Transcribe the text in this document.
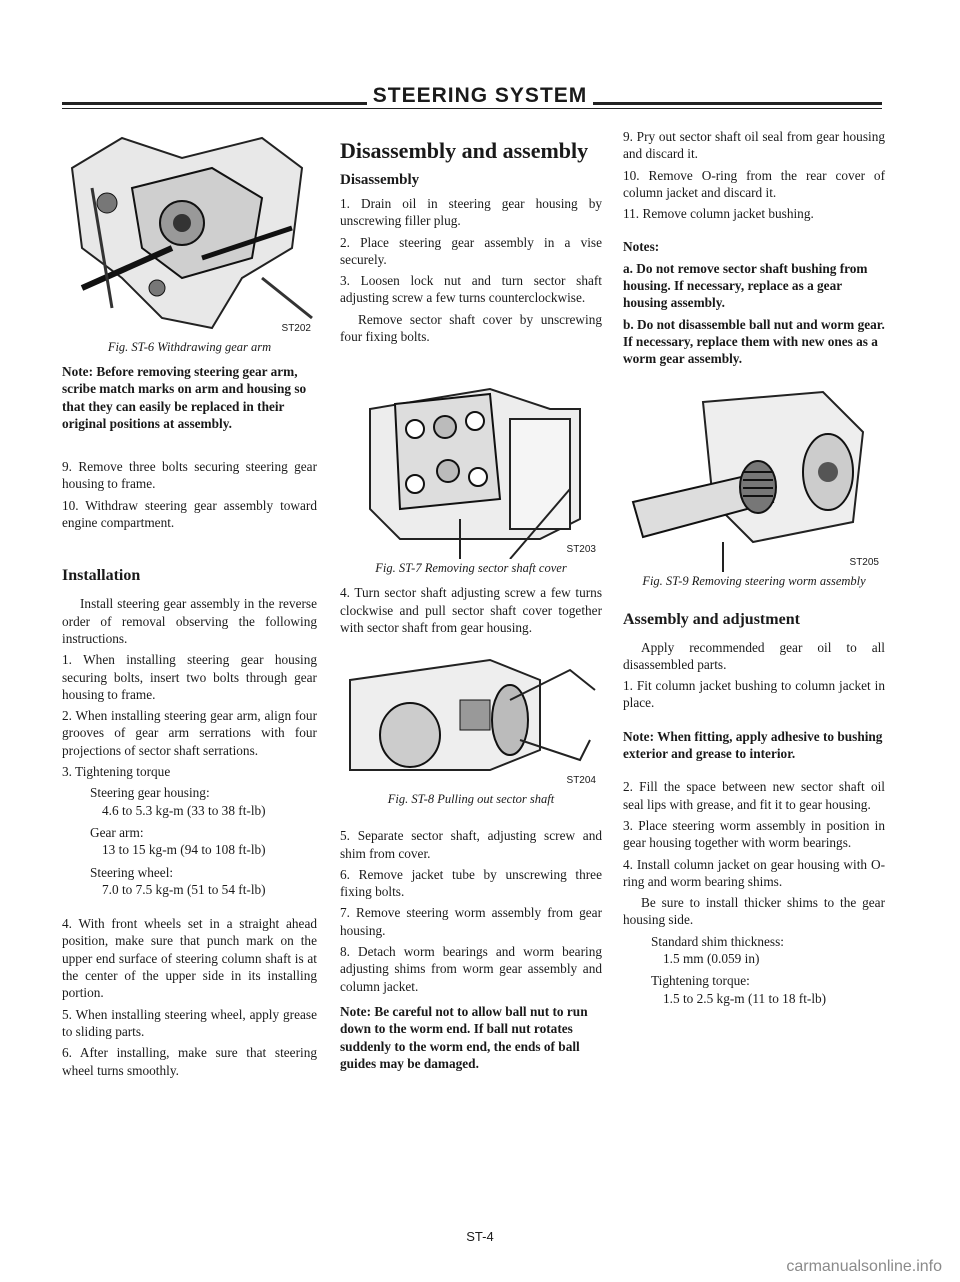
STEERING SYSTEM
ST202
Fig. ST-6 Withdrawing gear arm
Note: Before removing steering gear arm, scribe match marks on arm and housing so that they can easily be replaced in their original positions at assembly.

9. Remove three bolts securing steering gear housing to frame.

10. Withdraw steering gear assembly toward engine compartment.

Installation

Install steering gear assembly in the reverse order of removal observing the following instructions.

1. When installing steering gear housing securing bolts, insert two bolts through gear housing to frame.

2. When installing steering gear arm, align four grooves of gear arm serrations with four projections of sector shaft serrations.

3. Tightening torque

Steering gear housing:
4.6 to 5.3 kg-m (33 to 38 ft-lb)
Gear arm:
13 to 15 kg-m (94 to 108 ft-lb)
Steering wheel:
7.0 to 7.5 kg-m (51 to 54 ft-lb)

4. With front wheels set in a straight ahead position, make sure that punch mark on the upper end surface of steering column shaft is at the center of the upper side in its installing portion.

5. When installing steering wheel, apply grease to sliding parts.

6. After installing, make sure that steering wheel turns smoothly.

Disassembly and assembly
Disassembly

1. Drain oil in steering gear housing by unscrewing filler plug.

2. Place steering gear assembly in a vise securely.

3. Loosen lock nut and turn sector shaft adjusting screw a few turns counterclockwise.

Remove sector shaft cover by unscrewing four fixing bolts.

ST203
Fig. ST-7 Removing sector shaft cover

4. Turn sector shaft adjusting screw a few turns clockwise and pull sector shaft cover together with sector shaft from gear housing.

ST204
Fig. ST-8 Pulling out sector shaft

5. Separate sector shaft, adjusting screw and shim from cover.

6. Remove jacket tube by unscrewing three fixing bolts.

7. Remove steering worm assembly from gear housing.

8. Detach worm bearings and worm bearing adjusting shims from worm gear assembly and column jacket.

Note: Be careful not to allow ball nut to run down to the worm end. If ball nut rotates suddenly to the worm end, the ends of ball guides may be damaged.

9. Pry out sector shaft oil seal from gear housing and discard it.

10. Remove O-ring from the rear cover of column jacket and discard it.

11. Remove column jacket bushing.

Notes:
a. Do not remove sector shaft bushing from housing. If necessary, replace as a gear housing assembly.
b. Do not disassemble ball nut and worm gear. If necessary, replace them with new ones as a worm gear assembly.
ST205
Fig. ST-9 Removing steering worm assembly
Assembly and adjustment

Apply recommended gear oil to all disassembled parts.

1. Fit column jacket bushing to column jacket in place.

Note: When fitting, apply adhesive to bushing exterior and grease to interior.

2. Fill the space between new sector shaft oil seal lips with grease, and fit it to gear housing.

3. Place steering worm assembly in position in gear housing together with worm bearings.

4. Install column jacket on gear housing with O-ring and worm bearing shims.

Be sure to install thicker shims to the gear housing side.

Standard shim thickness:
1.5 mm (0.059 in)
Tightening torque:
1.5 to 2.5 kg-m (11 to 18 ft-lb)
ST-4
carmanualsonline.info
